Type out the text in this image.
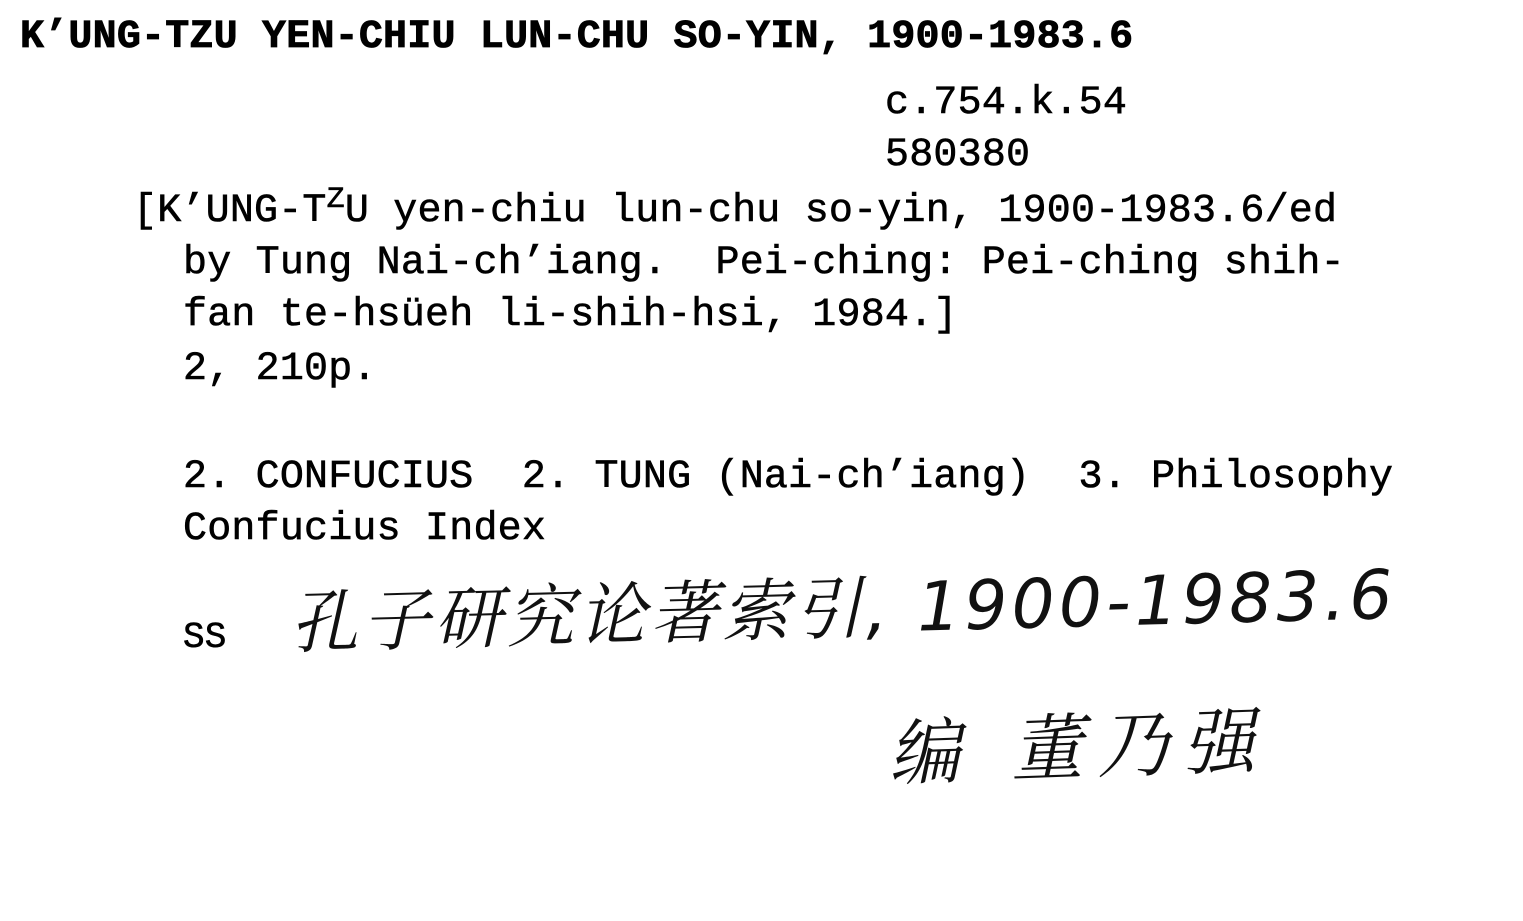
K’UNG-TZU YEN-CHIU LUN-CHU SO-YIN, 1900-1983.6
c.754.k.54
580380
[$K’UNG-T^ZU$ yen-chiu lun-chu so-yin, 1900-1983.6/ed
by Tung Nai-ch’iang.  Pei-ching: Pei-ching shih-
fan te-hsüeh li-shih-hsi, 1984.]
2, 210p.
2. CONFUCIUS  2. TUNG (Nai-ch’iang)  3. Philosophy
Confucius Index
SS 孔子研究论著索引, 1900-1983.6
编 董乃强
